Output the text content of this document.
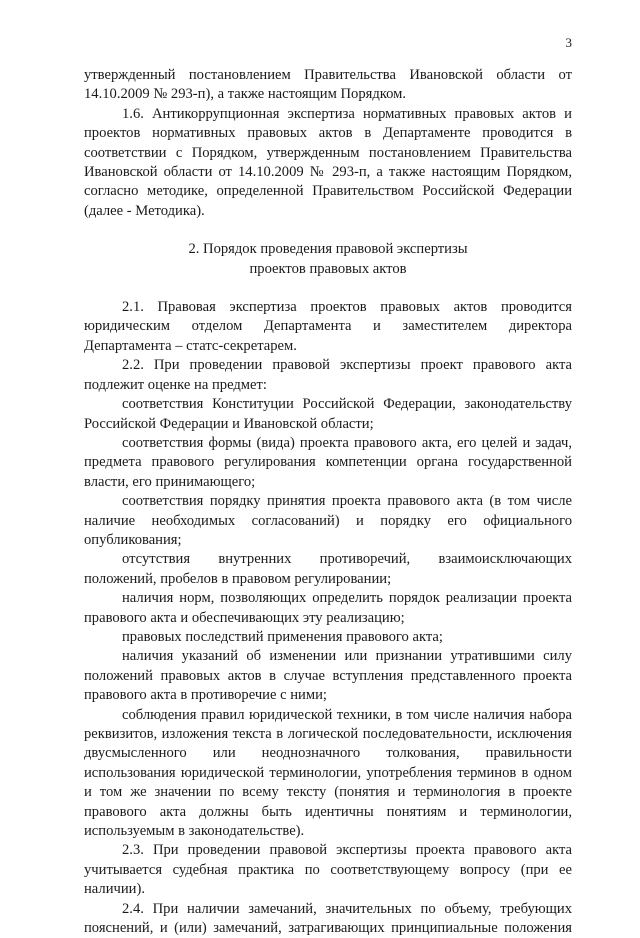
3

утвержденный постановлением Правительства Ивановской области от 14.10.2009 № 293-п), а также настоящим Порядком.

1.6. Антикоррупционная экспертиза нормативных правовых актов и проектов нормативных правовых актов в Департаменте проводится в соответствии с Порядком, утвержденным постановлением Правительства Ивановской области от 14.10.2009 № 293-п, а также настоящим Порядком, согласно методике, определенной Правительством Российской Федерации (далее - Методика).

2. Порядок проведения правовой экспертизы
проектов правовых актов

2.1. Правовая экспертиза проектов правовых актов проводится юридическим отделом Департамента и заместителем директора Департамента – статс-секретарем.

2.2. При проведении правовой экспертизы проект правового акта подлежит оценке на предмет:

соответствия Конституции Российской Федерации, законодательству Российской Федерации и Ивановской области;

соответствия формы (вида) проекта правового акта, его целей и задач, предмета правового регулирования компетенции органа государственной власти, его принимающего;

соответствия порядку принятия проекта правового акта (в том числе наличие необходимых согласований) и порядку его официального опубликования;

отсутствия внутренних противоречий, взаимоисключающих положений, пробелов в правовом регулировании;

наличия норм, позволяющих определить порядок реализации проекта правового акта и обеспечивающих эту реализацию;

правовых последствий применения правового акта;

наличия указаний об изменении или признании утратившими силу положений правовых актов в случае вступления представленного проекта правового акта в противоречие с ними;

соблюдения правил юридической техники, в том числе наличия набора реквизитов, изложения текста в логической последовательности, исключения двусмысленного или неоднозначного толкования, правильности использования юридической терминологии, употребления терминов в одном и том же значении по всему тексту (понятия и терминология в проекте правового акта должны быть идентичны понятиям и терминологии, используемым в законодательстве).

2.3. При проведении правовой экспертизы проекта правового акта учитывается судебная практика по соответствующему вопросу (при ее наличии).

2.4. При наличии замечаний, значительных по объему, требующих пояснений, и (или) замечаний, затрагивающих принципиальные положения
